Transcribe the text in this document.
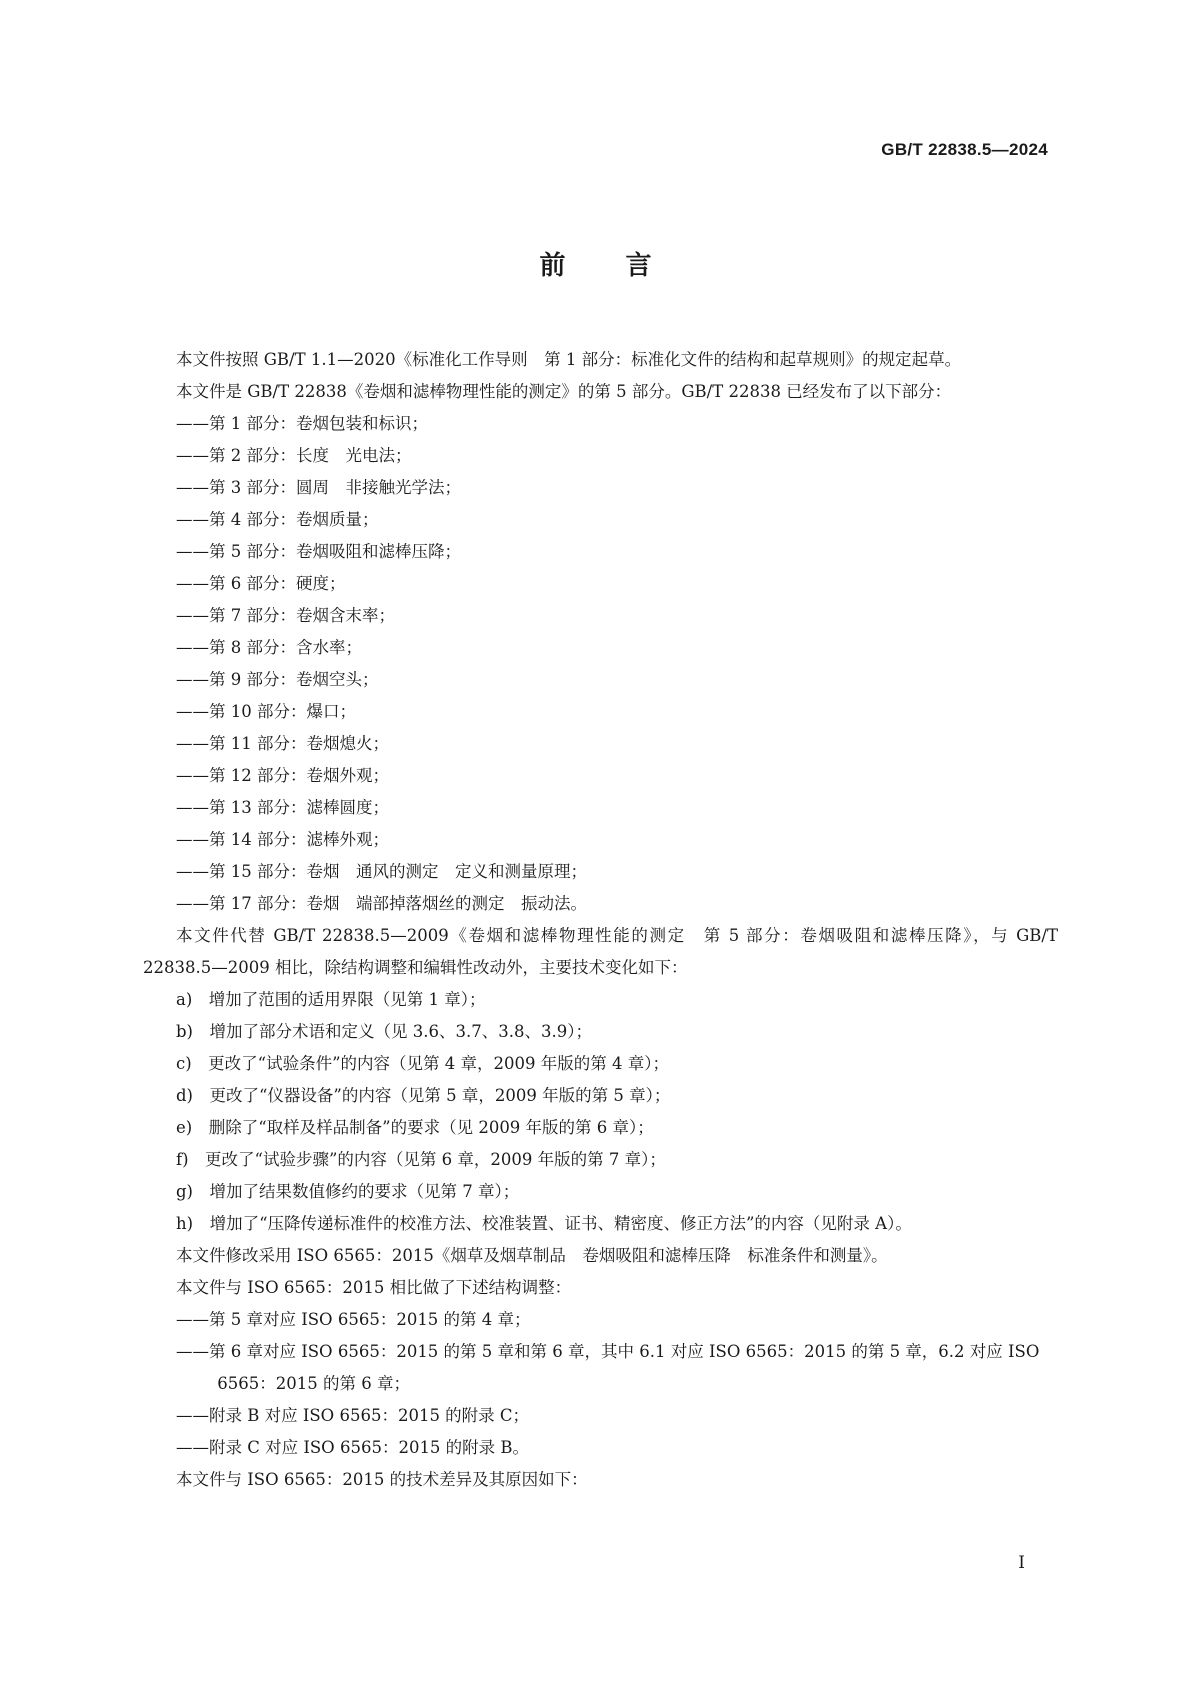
GB/T 22838.5—2024
前言

本文件按照 GB/T 1.1—2020《标准化工作导则　第 1 部分：标准化文件的结构和起草规则》的规定起草。

本文件是 GB/T 22838《卷烟和滤棒物理性能的测定》的第 5 部分。GB/T 22838 已经发布了以下部分：

——第 1 部分：卷烟包装和标识；

——第 2 部分：长度　光电法；

——第 3 部分：圆周　非接触光学法；

——第 4 部分：卷烟质量；

——第 5 部分：卷烟吸阻和滤棒压降；

——第 6 部分：硬度；

——第 7 部分：卷烟含末率；

——第 8 部分：含水率；

——第 9 部分：卷烟空头；

——第 10 部分：爆口；

——第 11 部分：卷烟熄火；

——第 12 部分：卷烟外观；

——第 13 部分：滤棒圆度；

——第 14 部分：滤棒外观；

——第 15 部分：卷烟　通风的测定　定义和测量原理；

——第 17 部分：卷烟　端部掉落烟丝的测定　振动法。

本文件代替 GB/T 22838.5—2009《卷烟和滤棒物理性能的测定　第 5 部分：卷烟吸阻和滤棒压降》，与 GB/T 22838.5—2009 相比，除结构调整和编辑性改动外，主要技术变化如下：

a)　增加了范围的适用界限（见第 1 章）；

b)　增加了部分术语和定义（见 3.6、3.7、3.8、3.9）；

c)　更改了“试验条件”的内容（见第 4 章，2009 年版的第 4 章）；

d)　更改了“仪器设备”的内容（见第 5 章，2009 年版的第 5 章）；

e)　删除了“取样及样品制备”的要求（见 2009 年版的第 6 章）；

f)　更改了“试验步骤”的内容（见第 6 章，2009 年版的第 7 章）；

g)　增加了结果数值修约的要求（见第 7 章）；

h)　增加了“压降传递标准件的校准方法、校准装置、证书、精密度、修正方法”的内容（见附录 A）。

本文件修改采用 ISO 6565：2015《烟草及烟草制品　卷烟吸阻和滤棒压降　标准条件和测量》。

本文件与 ISO 6565：2015 相比做了下述结构调整：

——第 5 章对应 ISO 6565：2015 的第 4 章；

——第 6 章对应 ISO 6565：2015 的第 5 章和第 6 章，其中 6.1 对应 ISO 6565：2015 的第 5 章，6.2 对应 ISO 6565：2015 的第 6 章；

——附录 B 对应 ISO 6565：2015 的附录 C；

——附录 C 对应 ISO 6565：2015 的附录 B。

本文件与 ISO 6565：2015 的技术差异及其原因如下：

I
